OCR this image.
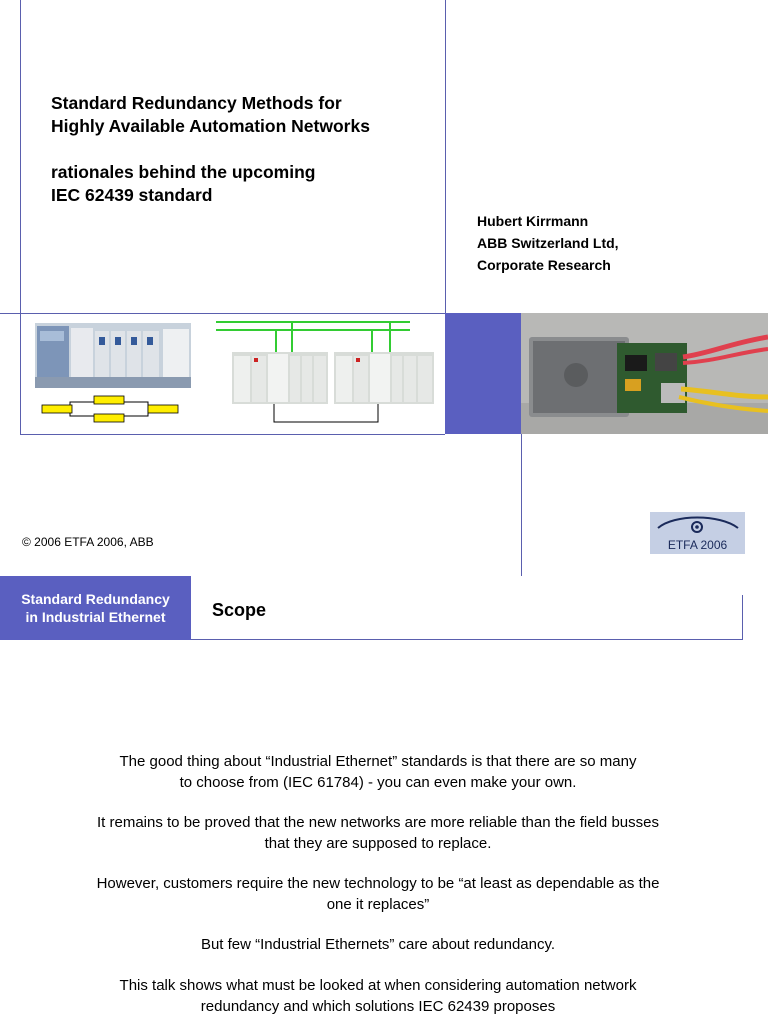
Standard Redundancy Methods for
Highly Available Automation Networks
rationales behind the upcoming
IEC 62439 standard
Hubert Kirrmann
ABB Switzerland Ltd,
Corporate Research
© 2006 ETFA 2006, ABB	ETFA 2006
Standard Redundancy
in Industrial Ethernet	Scope
The good thing about “Industrial Ethernet” standards is that there are so many
to choose from (IEC 61784) - you can even make your own.
It remains to be proved that the new networks are more reliable than the field busses
that they are supposed to replace.
However, customers require the new technology to be “at least as dependable as the
one it replaces”
But few “Industrial Ethernets” care about redundancy.
This talk shows what must be looked at when considering automation network
redundancy and which solutions IEC 62439 proposes
